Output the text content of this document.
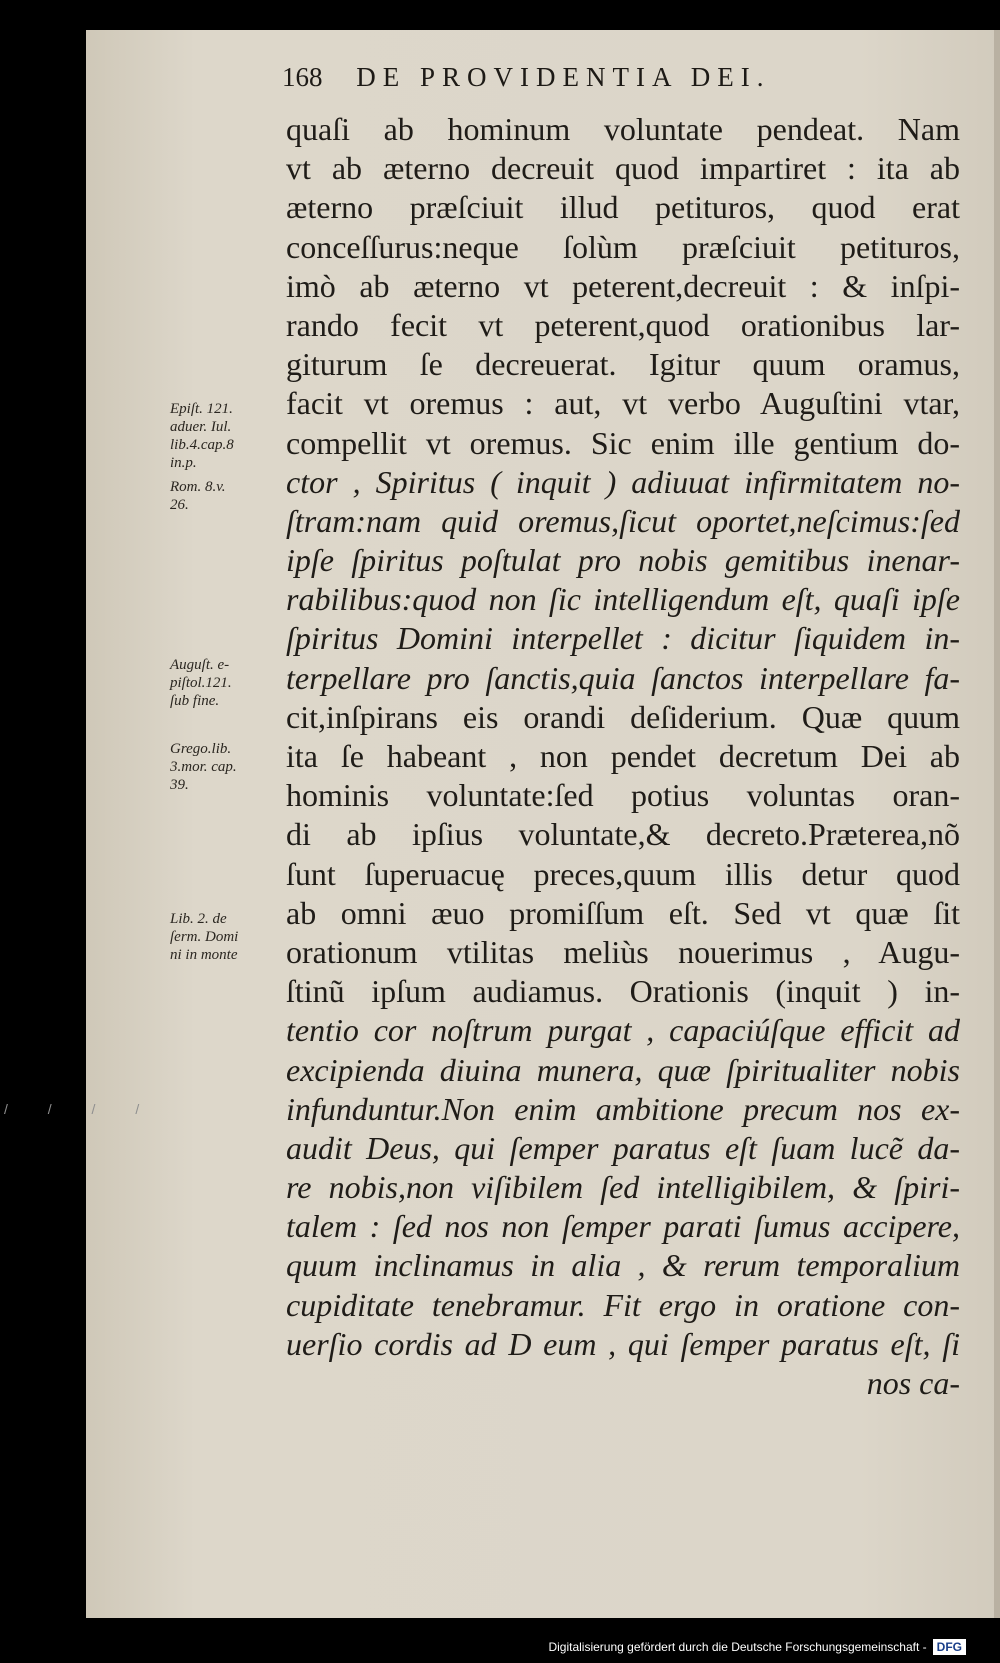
/ / / /
168 DE PROVIDENTIA DEI.
quaſi ab hominum voluntate pendeat. Nam
vt ab æterno decreuit quod impartiret : ita ab
æterno præſciuit illud petituros, quod erat
conceſſurus:neque ſolùm præſciuit petituros,
imò ab æterno vt peterent,decreuit : & inſpi-
rando fecit vt peterent,quod orationibus lar-
giturum ſe decreuerat. Igitur quum oramus,
facit vt oremus : aut, vt verbo Auguſtini vtar,
compellit vt oremus. Sic enim ille gentium do-
ctor , Spiritus ( inquit ) adiuuat infirmitatem no-
ſtram:nam quid oremus,ſicut oportet,neſcimus:ſed
ipſe ſpiritus poſtulat pro nobis gemitibus inenar-
rabilibus:quod non ſic intelligendum eſt, quaſi ipſe
ſpiritus Domini interpellet : dicitur ſiquidem in-
terpellare pro ſanctis,quia ſanctos interpellare fa-
cit,inſpirans eis orandi deſiderium. Quæ quum
ita ſe habeant , non pendet decretum Dei ab
hominis voluntate:ſed potius voluntas oran-
di ab ipſius voluntate,& decreto.Præterea,nõ
ſunt ſuperuacuę preces,quum illis detur quod
ab omni æuo promiſſum eſt. Sed vt quæ ſit
orationum vtilitas meliùs nouerimus , Augu-
ſtinũ ipſum audiamus. Orationis (inquit ) in-
tentio cor noſtrum purgat , capaciúſque efficit ad
excipienda diuina munera, quæ ſpiritualiter nobis
infunduntur.Non enim ambitione precum nos ex-
audit Deus, qui ſemper paratus eſt ſuam lucẽ da-
re nobis,non viſibilem ſed intelligibilem, & ſpiri-
talem : ſed nos non ſemper parati ſumus accipere,
quum inclinamus in alia , & rerum temporalium
cupiditate tenebramur. Fit ergo in oratione con-
uerſio cordis ad D eum , qui ſemper paratus eſt, ſi
nos ca-
Epiſt. 121.
aduer. Iul.
lib.4.cap.8
in.p.
Rom. 8.v.
26.
Auguſt. e-
piſtol.121.
ſub fine.
Grego.lib.
3.mor. cap.
39.
Lib. 2. de
ſerm. Domi
ni in monte
Digitalisierung gefördert durch die Deutsche Forschungsgemeinschaft - DFG
